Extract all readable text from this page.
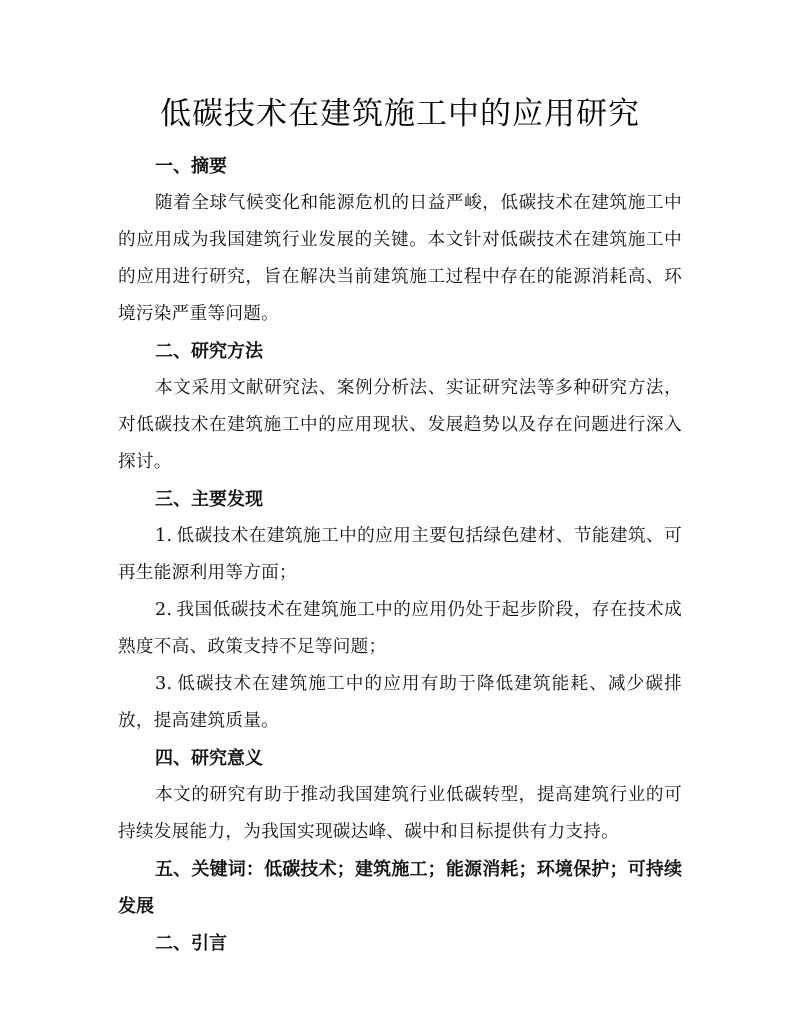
低碳技术在建筑施工中的应用研究
一、摘要

随着全球气候变化和能源危机的日益严峻，低碳技术在建筑施工中的应用成为我国建筑行业发展的关键。本文针对低碳技术在建筑施工中的应用进行研究，旨在解决当前建筑施工过程中存在的能源消耗高、环境污染严重等问题。

二、研究方法

本文采用文献研究法、案例分析法、实证研究法等多种研究方法，对低碳技术在建筑施工中的应用现状、发展趋势以及存在问题进行深入探讨。

三、主要发现

1. 低碳技术在建筑施工中的应用主要包括绿色建材、节能建筑、可再生能源利用等方面；

2. 我国低碳技术在建筑施工中的应用仍处于起步阶段，存在技术成熟度不高、政策支持不足等问题；

3. 低碳技术在建筑施工中的应用有助于降低建筑能耗、减少碳排放，提高建筑质量。

四、研究意义

本文的研究有助于推动我国建筑行业低碳转型，提高建筑行业的可持续发展能力，为我国实现碳达峰、碳中和目标提供有力支持。

五、关键词：低碳技术；建筑施工；能源消耗；环境保护；可持续发展

二、引言
